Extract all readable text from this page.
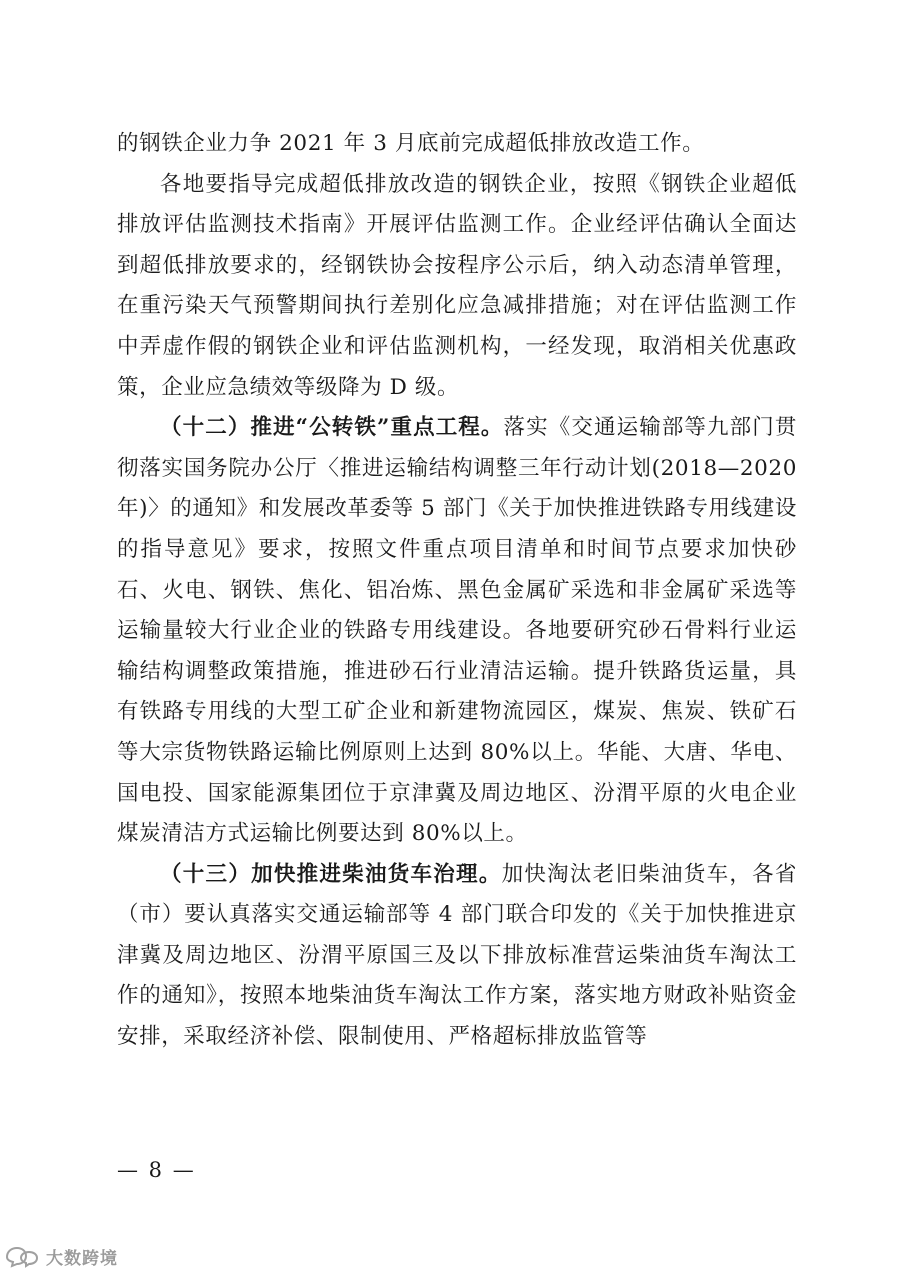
的钢铁企业力争 2021 年 3 月底前完成超低排放改造工作。

各地要指导完成超低排放改造的钢铁企业，按照《钢铁企业超低排放评估监测技术指南》开展评估监测工作。企业经评估确认全面达到超低排放要求的，经钢铁协会按程序公示后，纳入动态清单管理，在重污染天气预警期间执行差别化应急减排措施；对在评估监测工作中弄虚作假的钢铁企业和评估监测机构，一经发现，取消相关优惠政策，企业应急绩效等级降为 D 级。

（十二）推进“公转铁”重点工程。落实《交通运输部等九部门贯彻落实国务院办公厅〈推进运输结构调整三年行动计划(2018—2020 年)〉的通知》和发展改革委等 5 部门《关于加快推进铁路专用线建设的指导意见》要求，按照文件重点项目清单和时间节点要求加快砂石、火电、钢铁、焦化、铝冶炼、黑色金属矿采选和非金属矿采选等运输量较大行业企业的铁路专用线建设。各地要研究砂石骨料行业运输结构调整政策措施，推进砂石行业清洁运输。提升铁路货运量，具有铁路专用线的大型工矿企业和新建物流园区，煤炭、焦炭、铁矿石等大宗货物铁路运输比例原则上达到 80%以上。华能、大唐、华电、国电投、国家能源集团位于京津冀及周边地区、汾渭平原的火电企业煤炭清洁方式运输比例要达到 80%以上。

（十三）加快推进柴油货车治理。加快淘汰老旧柴油货车，各省（市）要认真落实交通运输部等 4 部门联合印发的《关于加快推进京津冀及周边地区、汾渭平原国三及以下排放标准营运柴油货车淘汰工作的通知》，按照本地柴油货车淘汰工作方案，落实地方财政补贴资金安排，采取经济补偿、限制使用、严格超标排放监管等

— 8 —
大数跨境
